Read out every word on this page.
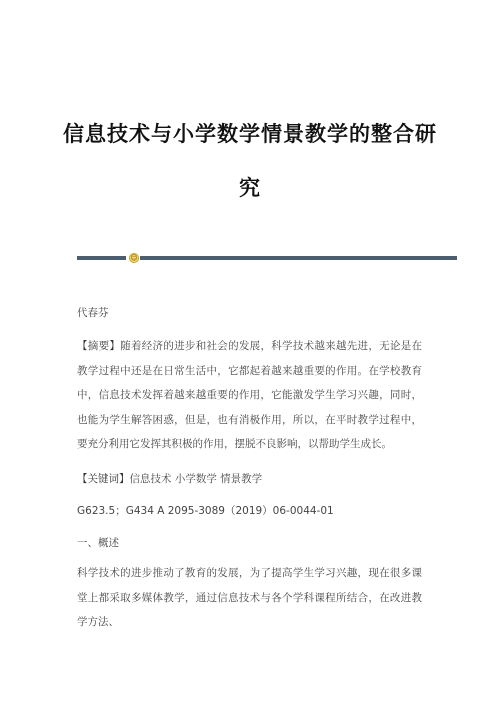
信息技术与小学数学情景教学的整合研
究
☺
代春芬
【摘要】随着经济的进步和社会的发展，科学技术越来越先进，无论是在教学过程中还是在日常生活中，它都起着越来越重要的作用。在学校教育中，信息技术发挥着越来越重要的作用，它能激发学生学习兴趣，同时，也能为学生解答困惑，但是，也有消极作用，所以，在平时教学过程中，要充分利用它发挥其积极的作用，摆脱不良影响，以帮助学生成长。
【关键词】信息技术 小学数学 情景教学
G623.5；G434 A 2095-3089（2019）06-0044-01
一、概述
科学技术的进步推动了教育的发展，为了提高学生学习兴趣，现在很多课堂上都采取多媒体教学，通过信息技术与各个学科课程所结合，在改进教学方法、
